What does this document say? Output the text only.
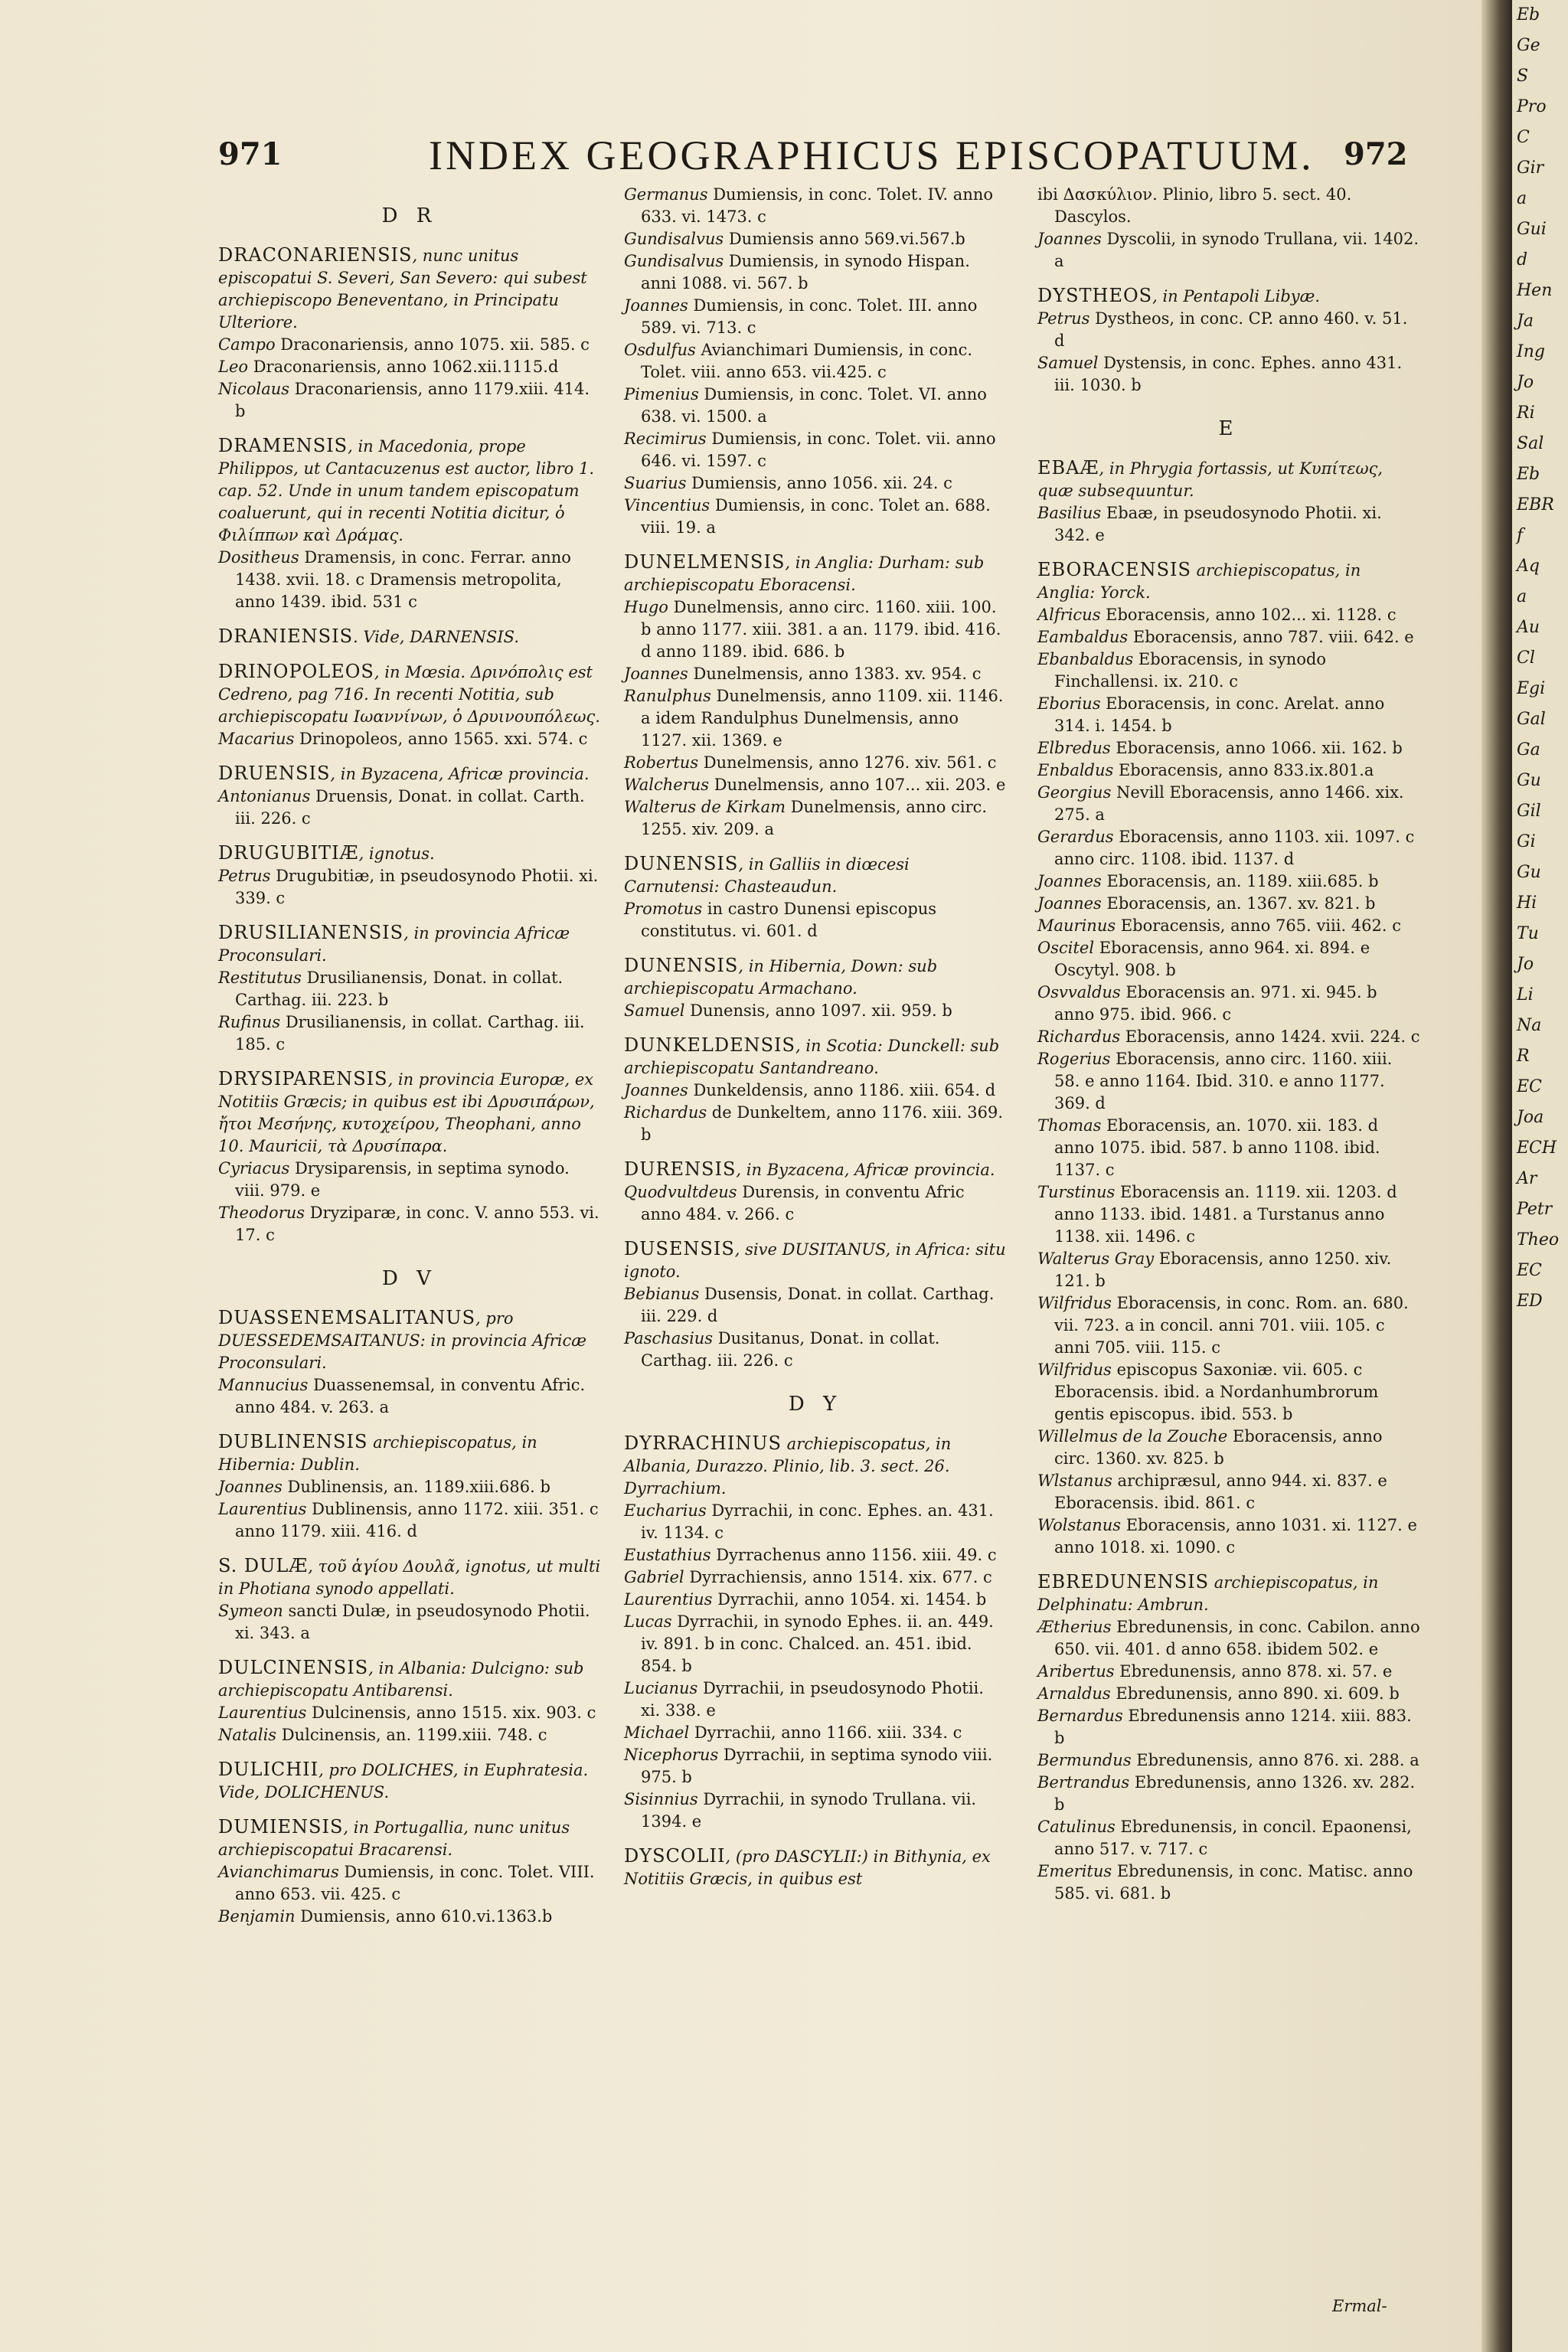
Eb
Ge
S
Pro
C
Gir
a
Gui
d
Hen
Ja
Ing
Jo
Ri
Sal
Eb
EBR
f
Aq
a
Au
Cl
Egi
Gal
Ga
Gu
Gil
Gi
Gu
Hi
Tu
Jo
Li
Na
R
EC
Joa
ECH
Ar
Petr
Theo
EC
ED
971	INDEX GEOGRAPHICUS EPISCOPATUUM. 972
D R
DRACONARIENSIS, nunc unitus episcopatui S. Severi, San Severo: qui subest archiepiscopo Beneventano, in Principatu Ulteriore.
Campo Draconariensis, anno 1075. xii. 585. c
Leo Draconariensis, anno 1062.xii.1115.d
Nicolaus Draconariensis, anno 1179.xiii. 414. b
DRAMENSIS, in Macedonia, prope Philippos, ut Cantacuzenus est auctor, libro 1. cap. 52. Unde in unum tandem episcopatum coaluerunt, qui in recenti Notitia dicitur, ὁ Φιλίππων καὶ Δράμας.
Dositheus Dramensis, in conc. Ferrar. anno 1438. xvii. 18. c Dramensis metropolita, anno 1439. ibid. 531 c
DRANIENSIS. Vide, DARNENSIS.
DRINOPOLEOS, in Mœsia. Δρινόπολις est Cedreno, pag 716. In recenti Notitia, sub archiepiscopatu Ιωαννίνων, ὁ Δρυινουπόλεως.
Macarius Drinopoleos, anno 1565. xxi. 574. c
DRUENSIS, in Byzacena, Africæ provincia.
Antonianus Druensis, Donat. in collat. Carth. iii. 226. c
DRUGUBITIÆ, ignotus.
Petrus Drugubitiæ, in pseudosynodo Photii. xi. 339. c
DRUSILIANENSIS, in provincia Africæ Proconsulari.
Restitutus Drusilianensis, Donat. in collat. Carthag. iii. 223. b
Rufinus Drusilianensis, in collat. Carthag. iii. 185. c
DRYSIPARENSIS, in provincia Europæ, ex Notitiis Græcis; in quibus est ibi Δρυσιπάρων, ἤτοι Μεσήνης, κυτοχείρου, Theophani, anno 10. Mauricii, τὰ Δρυσίπαρα.
Cyriacus Drysiparensis, in septima synodo. viii. 979. e
Theodorus Dryziparæ, in conc. V. anno 553. vi. 17. c
D V
DUASSENEMSALITANUS, pro DUESSEDEMSAITANUS: in provincia Africæ Proconsulari.
Mannucius Duassenemsal, in conventu Afric. anno 484. v. 263. a
DUBLINENSIS archiepiscopatus, in Hibernia: Dublin.
Joannes Dublinensis, an. 1189.xiii.686. b
Laurentius Dublinensis, anno 1172. xiii. 351. c anno 1179. xiii. 416. d
S. DULÆ, τοῦ ἁγίου Δουλᾶ, ignotus, ut multi in Photiana synodo appellati.
Symeon sancti Dulæ, in pseudosynodo Photii. xi. 343. a
DULCINENSIS, in Albania: Dulcigno: sub archiepiscopatu Antibarensi.
Laurentius Dulcinensis, anno 1515. xix. 903. c
Natalis Dulcinensis, an. 1199.xiii. 748. c
DULICHII, pro DOLICHES, in Euphratesia. Vide, DOLICHENUS.
DUMIENSIS, in Portugallia, nunc unitus archiepiscopatui Bracarensi.
Avianchimarus Dumiensis, in conc. Tolet. VIII. anno 653. vii. 425. c
Benjamin Dumiensis, anno 610.vi.1363.b
Germanus Dumiensis, in conc. Tolet. IV. anno 633. vi. 1473. c
Gundisalvus Dumiensis anno 569.vi.567.b
Gundisalvus Dumiensis, in synodo Hispan. anni 1088. vi. 567. b
Joannes Dumiensis, in conc. Tolet. III. anno 589. vi. 713. c
Osdulfus Avianchimari Dumiensis, in conc. Tolet. viii. anno 653. vii.425. c
Pimenius Dumiensis, in conc. Tolet. VI. anno 638. vi. 1500. a
Recimirus Dumiensis, in conc. Tolet. vii. anno 646. vi. 1597. c
Suarius Dumiensis, anno 1056. xii. 24. c
Vincentius Dumiensis, in conc. Tolet an. 688. viii. 19. a
DUNELMENSIS, in Anglia: Durham: sub archiepiscopatu Eboracensi.
Hugo Dunelmensis, anno circ. 1160. xiii. 100. b anno 1177. xiii. 381. a an. 1179. ibid. 416. d anno 1189. ibid. 686. b
Joannes Dunelmensis, anno 1383. xv. 954. c
Ranulphus Dunelmensis, anno 1109. xii. 1146. a idem Randulphus Dunelmensis, anno 1127. xii. 1369. e
Robertus Dunelmensis, anno 1276. xiv. 561. c
Walcherus Dunelmensis, anno 107... xii. 203. e
Walterus de Kirkam Dunelmensis, anno circ. 1255. xiv. 209. a
DUNENSIS, in Galliis in diœcesi Carnutensi: Chasteaudun.
Promotus in castro Dunensi episcopus constitutus. vi. 601. d
DUNENSIS, in Hibernia, Down: sub archiepiscopatu Armachano.
Samuel Dunensis, anno 1097. xii. 959. b
DUNKELDENSIS, in Scotia: Dunckell: sub archiepiscopatu Santandreano.
Joannes Dunkeldensis, anno 1186. xiii. 654. d
Richardus de Dunkeltem, anno 1176. xiii. 369. b
DURENSIS, in Byzacena, Africæ provincia.
Quodvultdeus Durensis, in conventu Afric anno 484. v. 266. c
DUSENSIS, sive DUSITANUS, in Africa: situ ignoto.
Bebianus Dusensis, Donat. in collat. Carthag. iii. 229. d
Paschasius Dusitanus, Donat. in collat. Carthag. iii. 226. c
D Y
DYRRACHINUS archiepiscopatus, in Albania, Durazzo. Plinio, lib. 3. sect. 26. Dyrrachium.
Eucharius Dyrrachii, in conc. Ephes. an. 431. iv. 1134. c
Eustathius Dyrrachenus anno 1156. xiii. 49. c
Gabriel Dyrrachiensis, anno 1514. xix. 677. c
Laurentius Dyrrachii, anno 1054. xi. 1454. b
Lucas Dyrrachii, in synodo Ephes. ii. an. 449. iv. 891. b in conc. Chalced. an. 451. ibid. 854. b
Lucianus Dyrrachii, in pseudosynodo Photii. xi. 338. e
Michael Dyrrachii, anno 1166. xiii. 334. c
Nicephorus Dyrrachii, in septima synodo viii. 975. b
Sisinnius Dyrrachii, in synodo Trullana. vii. 1394. e
DYSCOLII, (pro DASCYLII:) in Bithynia, ex Notitiis Græcis, in quibus est
ibi Δασκύλιον. Plinio, libro 5. sect. 40. Dascylos.
Joannes Dyscolii, in synodo Trullana, vii. 1402. a
DYSTHEOS, in Pentapoli Libyæ.
Petrus Dystheos, in conc. CP. anno 460. v. 51. d
Samuel Dystensis, in conc. Ephes. anno 431. iii. 1030. b
E
EBAÆ, in Phrygia fortassis, ut Κυπίτεως, quæ subsequuntur.
Basilius Ebaæ, in pseudosynodo Photii. xi. 342. e
EBORACENSIS archiepiscopatus, in Anglia: Yorck.
Alfricus Eboracensis, anno 102... xi. 1128. c
Eambaldus Eboracensis, anno 787. viii. 642. e
Ebanbaldus Eboracensis, in synodo Finchallensi. ix. 210. c
Eborius Eboracensis, in conc. Arelat. anno 314. i. 1454. b
Elbredus Eboracensis, anno 1066. xii. 162. b
Enbaldus Eboracensis, anno 833.ix.801.a
Georgius Nevill Eboracensis, anno 1466. xix. 275. a
Gerardus Eboracensis, anno 1103. xii. 1097. c anno circ. 1108. ibid. 1137. d
Joannes Eboracensis, an. 1189. xiii.685. b
Joannes Eboracensis, an. 1367. xv. 821. b
Maurinus Eboracensis, anno 765. viii. 462. c
Oscitel Eboracensis, anno 964. xi. 894. e Oscytyl. 908. b
Osvvaldus Eboracensis an. 971. xi. 945. b anno 975. ibid. 966. c
Richardus Eboracensis, anno 1424. xvii. 224. c
Rogerius Eboracensis, anno circ. 1160. xiii. 58. e anno 1164. Ibid. 310. e anno 1177. 369. d
Thomas Eboracensis, an. 1070. xii. 183. d anno 1075. ibid. 587. b anno 1108. ibid. 1137. c
Turstinus Eboracensis an. 1119. xii. 1203. d anno 1133. ibid. 1481. a Turstanus anno 1138. xii. 1496. c
Walterus Gray Eboracensis, anno 1250. xiv. 121. b
Wilfridus Eboracensis, in conc. Rom. an. 680. vii. 723. a in concil. anni 701. viii. 105. c anni 705. viii. 115. c
Wilfridus episcopus Saxoniæ. vii. 605. c Eboracensis. ibid. a Nordanhumbrorum gentis episcopus. ibid. 553. b
Willelmus de la Zouche Eboracensis, anno circ. 1360. xv. 825. b
Wlstanus archipræsul, anno 944. xi. 837. e Eboracensis. ibid. 861. c
Wolstanus Eboracensis, anno 1031. xi. 1127. e anno 1018. xi. 1090. c
EBREDUNENSIS archiepiscopatus, in Delphinatu: Ambrun.
Ætherius Ebredunensis, in conc. Cabilon. anno 650. vii. 401. d anno 658. ibidem 502. e
Aribertus Ebredunensis, anno 878. xi. 57. e
Arnaldus Ebredunensis, anno 890. xi. 609. b
Bernardus Ebredunensis anno 1214. xiii. 883. b
Bermundus Ebredunensis, anno 876. xi. 288. a
Bertrandus Ebredunensis, anno 1326. xv. 282. b
Catulinus Ebredunensis, in concil. Epaonensi, anno 517. v. 717. c
Emeritus Ebredunensis, in conc. Matisc. anno 585. vi. 681. b
Ermal-
